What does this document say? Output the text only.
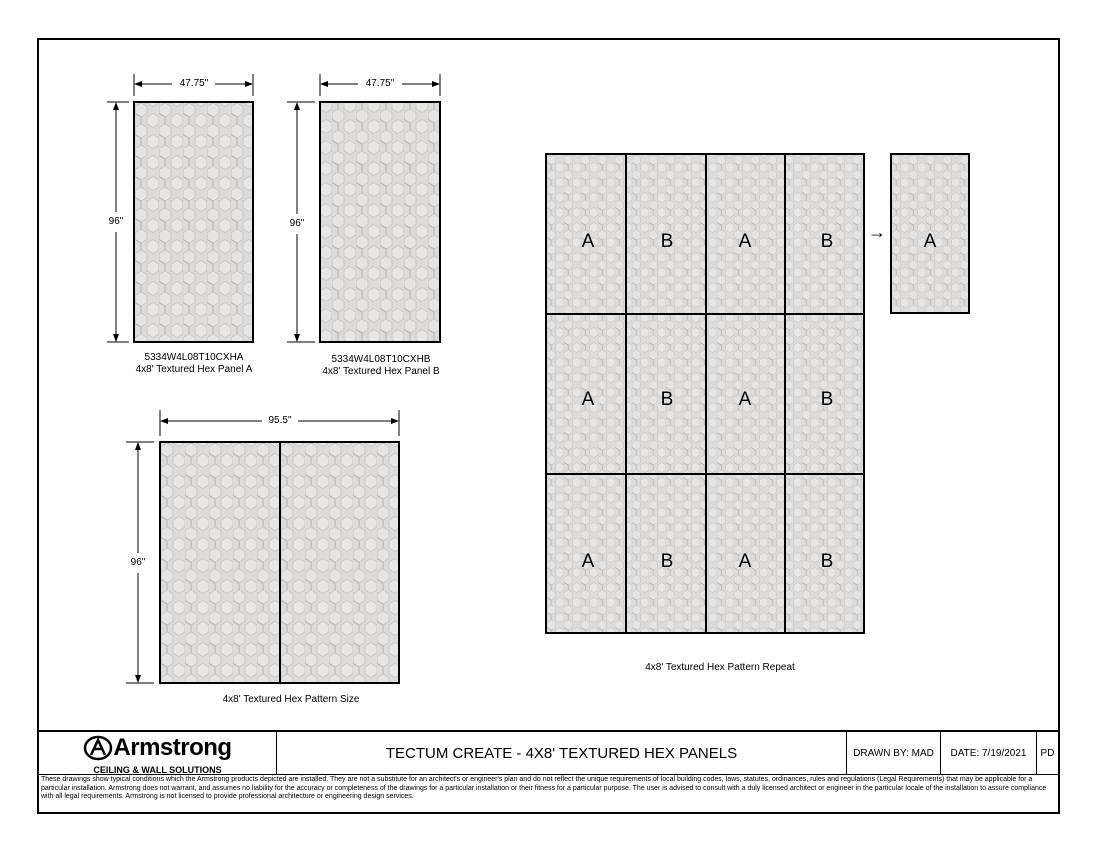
47.75"
96"
5334W4L08T10CXHA
4x8' Textured Hex Panel A
47.75"
96"
5334W4L08T10CXHB
4x8' Textured Hex Panel B
95.5"
96"
4x8' Textured Hex Pattern Size
A	B	A	B
A	B	A	B
A	B	A	B
→	A
4x8' Textured Hex Pattern Repeat
Armstrong
CEILING & WALL SOLUTIONS
TECTUM CREATE - 4X8' TEXTURED HEX PANELS	DRAWN BY: MAD	DATE: 7/19/2021	PD
These drawings show typical conditions which the Armstrong products depicted are installed. They are not a substitute for an architect's or engineer's plan and do not reflect the unique requirements of local building codes, laws, statutes, ordinances, rules and regulations (Legal Requirements) that may be applicable for a particular installation. Armstrong does not warrant, and assumes no liability for the accuracy or completeness of the drawings for a particular installation or their fitness for a particular purpose. The user is advised to consult with a duly licensed architect or engineer in the particular locale of the installation to assure compliance with all legal requirements. Armstrong is not licensed to provide professional architecture or engineering design services.
